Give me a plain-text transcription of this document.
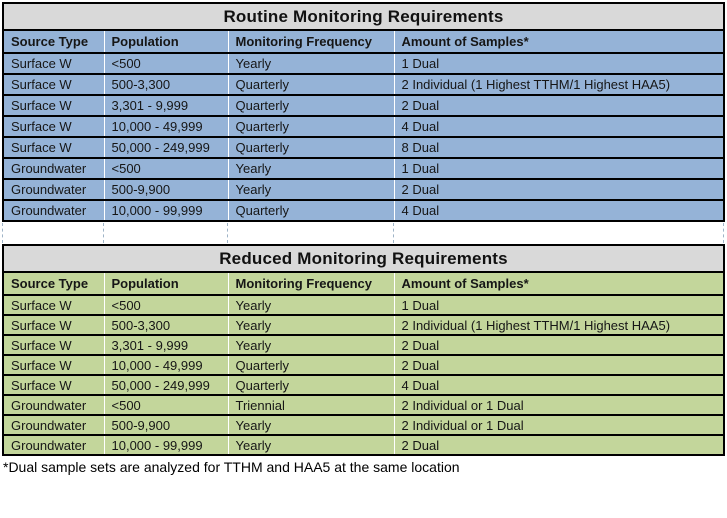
Routine Monitoring Requirements
Source Type	Population	Monitoring Frequency	Amount of Samples*
Surface W	<500	Yearly	1 Dual
Surface W	500-3,300	Quarterly	2 Individual (1 Highest TTHM/1 Highest HAA5)
Surface W	3,301 - 9,999	Quarterly	2 Dual
Surface W	10,000 - 49,999	Quarterly	4 Dual
Surface W	50,000 - 249,999	Quarterly	8 Dual
Groundwater	<500	Yearly	1 Dual
Groundwater	500-9,900	Yearly	2 Dual
Groundwater	10,000 - 99,999	Quarterly	4 Dual
Reduced Monitoring Requirements
Source Type	Population	Monitoring Frequency	Amount of Samples*
Surface W	<500	Yearly	1 Dual
Surface W	500-3,300	Yearly	2 Individual (1 Highest TTHM/1 Highest HAA5)
Surface W	3,301 - 9,999	Yearly	2 Dual
Surface W	10,000 - 49,999	Quarterly	2 Dual
Surface W	50,000 - 249,999	Quarterly	4 Dual
Groundwater	<500	Triennial	2 Individual or 1 Dual
Groundwater	500-9,900	Yearly	2 Individual or 1 Dual
Groundwater	10,000 - 99,999	Yearly	2 Dual
*Dual sample sets are analyzed for TTHM and HAA5 at the same location
